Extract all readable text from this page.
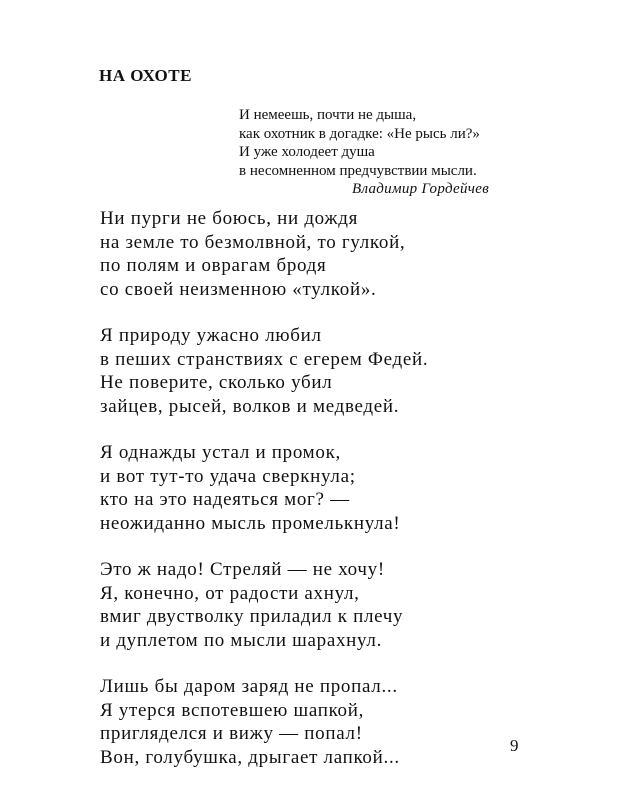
НА ОХОТЕ
И немеешь, почти не дыша,
как охотник в догадке: «Не рысь ли?»
И уже холодеет душа
в несомненном предчувствии мысли.
Владимир Гордейчев
Ни пурги не боюсь, ни дождя
на земле то безмолвной, то гулкой,
по полям и оврагам бродя
со своей неизменною «тулкой».
Я природу ужасно любил
в пеших странствиях с егерем Федей.
Не поверите, сколько убил
зайцев, рысей, волков и медведей.
Я однажды устал и промок,
и вот тут-то удача сверкнула;
кто на это надеяться мог? —
неожиданно мысль промелькнула!
Это ж надо! Стреляй — не хочу!
Я, конечно, от радости ахнул,
вмиг двустволку приладил к плечу
и дуплетом по мысли шарахнул.
Лишь бы даром заряд не пропал...
Я утерся вспотевшею шапкой,
пригляделся и вижу — попал!
Вон, голубушка, дрыгает лапкой...
9
